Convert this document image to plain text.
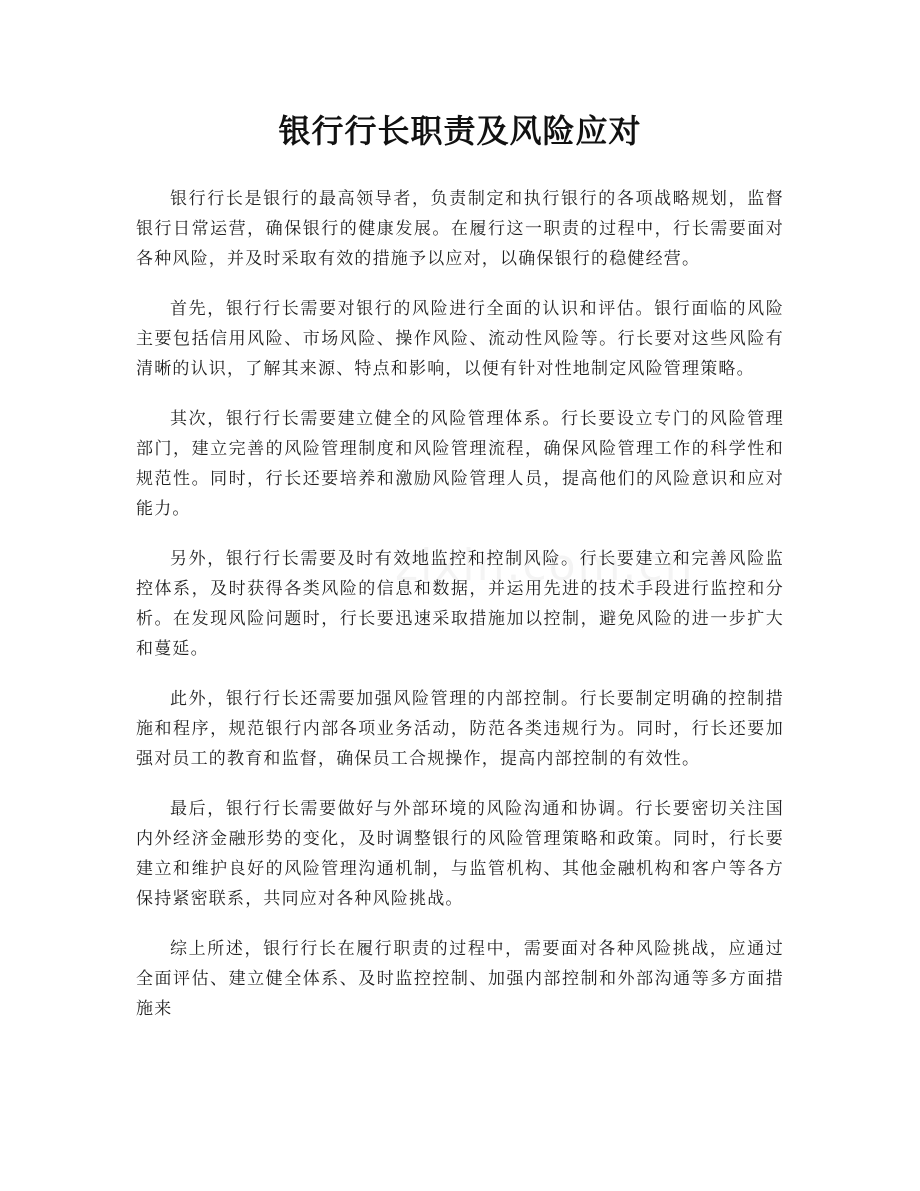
银行行长职责及风险应对

银行行长是银行的最高领导者，负责制定和执行银行的各项战略规划，监督银行日常运营，确保银行的健康发展。在履行这一职责的过程中，行长需要面对各种风险，并及时采取有效的措施予以应对，以确保银行的稳健经营。

首先，银行行长需要对银行的风险进行全面的认识和评估。银行面临的风险主要包括信用风险、市场风险、操作风险、流动性风险等。行长要对这些风险有清晰的认识，了解其来源、特点和影响，以便有针对性地制定风险管理策略。

其次，银行行长需要建立健全的风险管理体系。行长要设立专门的风险管理部门，建立完善的风险管理制度和风险管理流程，确保风险管理工作的科学性和规范性。同时，行长还要培养和激励风险管理人员，提高他们的风险意识和应对能力。

另外，银行行长需要及时有效地监控和控制风险。行长要建立和完善风险监控体系，及时获得各类风险的信息和数据，并运用先进的技术手段进行监控和分析。在发现风险问题时，行长要迅速采取措施加以控制，避免风险的进一步扩大和蔓延。

此外，银行行长还需要加强风险管理的内部控制。行长要制定明确的控制措施和程序，规范银行内部各项业务活动，防范各类违规行为。同时，行长还要加强对员工的教育和监督，确保员工合规操作，提高内部控制的有效性。

最后，银行行长需要做好与外部环境的风险沟通和协调。行长要密切关注国内外经济金融形势的变化，及时调整银行的风险管理策略和政策。同时，行长要建立和维护良好的风险管理沟通机制，与监管机构、其他金融机构和客户等各方保持紧密联系，共同应对各种风险挑战。

综上所述，银行行长在履行职责的过程中，需要面对各种风险挑战，应通过全面评估、建立健全体系、及时监控控制、加强内部控制和外部沟通等多方面措施来
